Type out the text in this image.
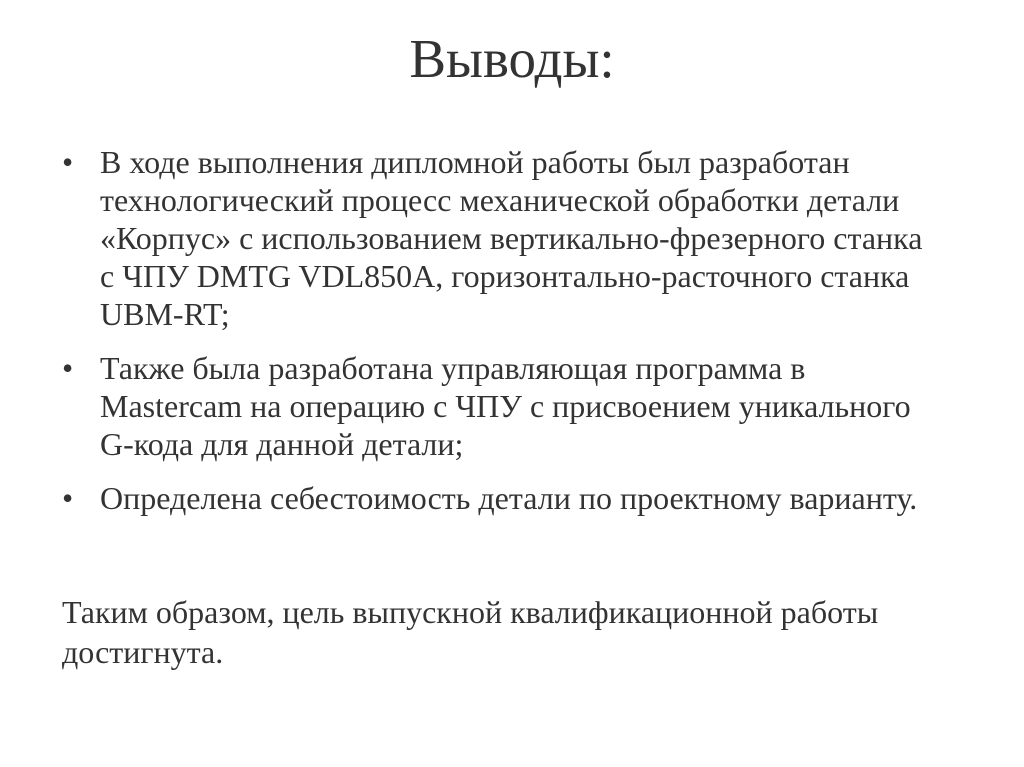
Выводы:
• В ходе выполнения дипломной работы был разработан
технологический процесс механической обработки детали
«Корпус» с использованием вертикально-фрезерного станка
с ЧПУ DMTG VDL850A, горизонтально-расточного станка
UBM-RT;
• Также была разработана управляющая программа в
Mastercam на операцию с ЧПУ с присвоением уникального
G-кода для данной детали;
• Определена себестоимость детали по проектному варианту.

Таким образом, цель выпускной квалификационной работы
достигнута.
